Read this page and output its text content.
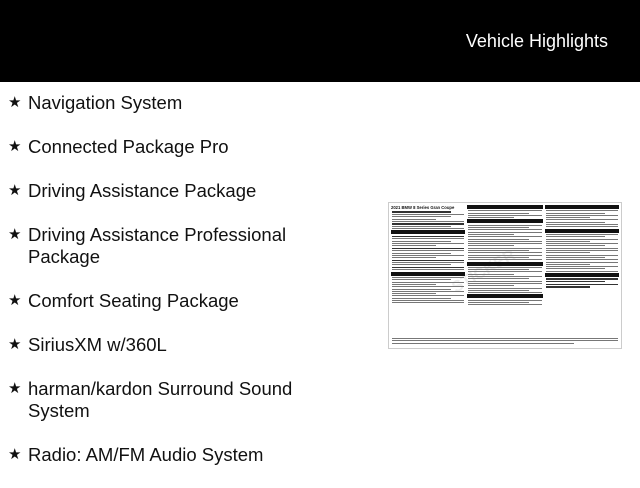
Vehicle Highlights
★ Navigation System
★ Connected Package Pro
★ Driving Assistance Package
★ Driving Assistance Professional Package
★ Comfort Seating Package
★ SiriusXM w/360L
★ harman/kardon Surround Sound System
★ Radio: AM/FM Audio System
2021 BMW 8 Series Gran Coupe
